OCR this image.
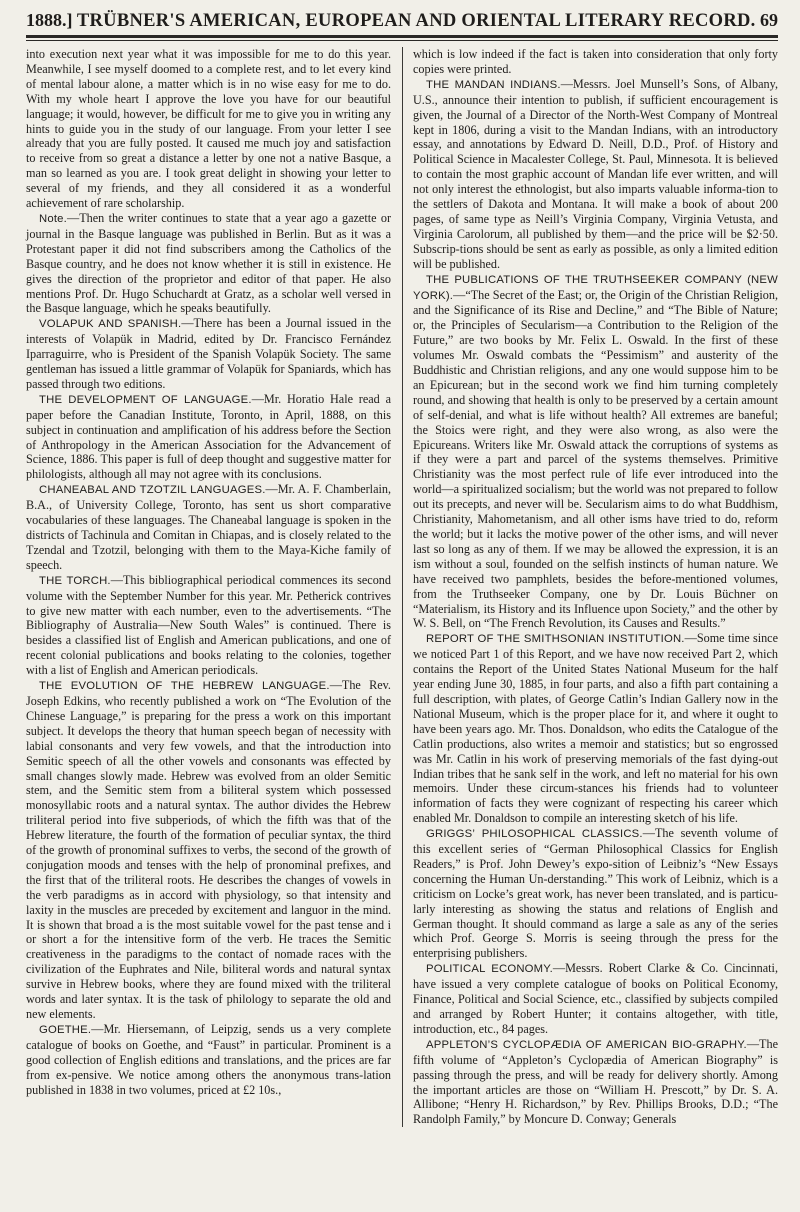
1888.] TRÜBNER'S AMERICAN, EUROPEAN AND ORIENTAL LITERARY RECORD. 69

into execution next year what it was impossible for me to do this year. Meanwhile, I see myself doomed to a complete rest, and to let every kind of mental labour alone, a matter which is in no wise easy for me to do. With my whole heart I approve the love you have for our beautiful language; it would, however, be difficult for me to give you in writing any hints to guide you in the study of our language. From your letter I see already that you are fully posted. It caused me much joy and satisfaction to receive from so great a distance a letter by one not a native Basque, a man so learned as you are. I took great delight in showing your letter to several of my friends, and they all considered it as a wonderful achievement of rare scholarship.

Note.—Then the writer continues to state that a year ago a gazette or journal in the Basque language was published in Berlin. But as it was a Protestant paper it did not find subscribers among the Catholics of the Basque country, and he does not know whether it is still in existence. He gives the direction of the proprietor and editor of that paper. He also mentions Prof. Dr. Hugo Schuchardt at Gratz, as a scholar well versed in the Basque language, which he speaks beautifully.

VOLAPUK AND SPANISH.—There has been a Journal issued in the interests of Volapük in Madrid, edited by Dr. Francisco Fernández Iparraguirre, who is President of the Spanish Volapük Society. The same gentleman has issued a little grammar of Volapük for Spaniards, which has passed through two editions.

THE DEVELOPMENT OF LANGUAGE.—Mr. Horatio Hale read a paper before the Canadian Institute, Toronto, in April, 1888, on this subject in continuation and amplification of his address before the Section of Anthropology in the American Association for the Advancement of Science, 1886. This paper is full of deep thought and suggestive matter for philologists, although all may not agree with its conclusions.

CHANEABAL AND TZOTZIL LANGUAGES.—Mr. A. F. Chamberlain, B.A., of University College, Toronto, has sent us short comparative vocabularies of these languages. The Chaneabal language is spoken in the districts of Tachinula and Comitan in Chiapas, and is closely related to the Tzendal and Tzotzil, belonging with them to the Maya-Kiche family of speech.

THE TORCH.—This bibliographical periodical commences its second volume with the September Number for this year. Mr. Petherick contrives to give new matter with each number, even to the advertisements. “The Bibliography of Australia—New South Wales” is continued. There is besides a classified list of English and American publications, and one of recent colonial publications and books relating to the colonies, together with a list of English and American periodicals.

THE EVOLUTION OF THE HEBREW LANGUAGE.—The Rev. Joseph Edkins, who recently published a work on “The Evolution of the Chinese Language,” is preparing for the press a work on this important subject. It develops the theory that human speech began of necessity with labial consonants and very few vowels, and that the introduction into Semitic speech of all the other vowels and consonants was effected by small changes slowly made. Hebrew was evolved from an older Semitic stem, and the Semitic stem from a biliteral system which possessed monosyllabic roots and a natural syntax. The author divides the Hebrew triliteral period into five subperiods, of which the fifth was that of the Hebrew literature, the fourth of the formation of peculiar syntax, the third of the growth of pronominal suffixes to verbs, the second of the growth of conjugation moods and tenses with the help of pronominal prefixes, and the first that of the triliteral roots. He describes the changes of vowels in the verb paradigms as in accord with physiology, so that intensity and laxity in the muscles are preceded by excitement and languor in the mind. It is shown that broad a is the most suitable vowel for the past tense and i or short a for the intensitive form of the verb. He traces the Semitic creativeness in the paradigms to the contact of nomade races with the civilization of the Euphrates and Nile, biliteral words and natural syntax survive in Hebrew books, where they are found mixed with the triliteral words and later syntax. It is the task of philology to separate the old and new elements.

GOETHE.—Mr. Hiersemann, of Leipzig, sends us a very complete catalogue of books on Goethe, and “Faust” in particular. Prominent is a good collection of English editions and translations, and the prices are far from ex-pensive. We notice among others the anonymous trans-lation published in 1838 in two volumes, priced at £2 10s.,

which is low indeed if the fact is taken into consideration that only forty copies were printed.

THE MANDAN INDIANS.—Messrs. Joel Munsell’s Sons, of Albany, U.S., announce their intention to publish, if sufficient encouragement is given, the Journal of a Director of the North-West Company of Montreal kept in 1806, during a visit to the Mandan Indians, with an introductory essay, and annotations by Edward D. Neill, D.D., Prof. of History and Political Science in Macalester College, St. Paul, Minnesota. It is believed to contain the most graphic account of Mandan life ever written, and will not only interest the ethnologist, but also imparts valuable informa-tion to the settlers of Dakota and Montana. It will make a book of about 200 pages, of same type as Neill’s Virginia Company, Virginia Vetusta, and Virginia Carolorum, all published by them—and the price will be $2·50. Subscrip-tions should be sent as early as possible, as only a limited edition will be published.

THE PUBLICATIONS OF THE TRUTHSEEKER COMPANY (NEW YORK).—“The Secret of the East; or, the Origin of the Christian Religion, and the Significance of its Rise and Decline,” and “The Bible of Nature; or, the Principles of Secularism—a Contribution to the Religion of the Future,” are two books by Mr. Felix L. Oswald. In the first of these volumes Mr. Oswald combats the “Pessimism” and austerity of the Buddhistic and Christian religions, and any one would suppose him to be an Epicurean; but in the second work we find him turning completely round, and showing that health is only to be preserved by a certain amount of self-denial, and what is life without health? All extremes are baneful; the Stoics were right, and they were also wrong, as also were the Epicureans. Writers like Mr. Oswald attack the corruptions of systems as if they were a part and parcel of the systems themselves. Primitive Christianity was the most perfect rule of life ever introduced into the world—a spiritualized socialism; but the world was not prepared to follow out its precepts, and never will be. Secularism aims to do what Buddhism, Christianity, Mahometanism, and all other isms have tried to do, reform the world; but it lacks the motive power of the other isms, and will never last so long as any of them. If we may be allowed the expression, it is an ism without a soul, founded on the selfish instincts of human nature. We have received two pamphlets, besides the before-mentioned volumes, from the Truthseeker Company, one by Dr. Louis Büchner on “Materialism, its History and its Influence upon Society,” and the other by W. S. Bell, on “The French Revolution, its Causes and Results.”

REPORT OF THE SMITHSONIAN INSTITUTION.—Some time since we noticed Part 1 of this Report, and we have now received Part 2, which contains the Report of the United States National Museum for the half year ending June 30, 1885, in four parts, and also a fifth part containing a full description, with plates, of George Catlin’s Indian Gallery now in the National Museum, which is the proper place for it, and where it ought to have been years ago. Mr. Thos. Donaldson, who edits the Catalogue of the Catlin productions, also writes a memoir and statistics; but so engrossed was Mr. Catlin in his work of preserving memorials of the fast dying-out Indian tribes that he sank self in the work, and left no material for his own memoirs. Under these circum-stances his friends had to volunteer information of facts they were cognizant of respecting his career which enabled Mr. Donaldson to compile an interesting sketch of his life.

GRIGGS’ PHILOSOPHICAL CLASSICS.—The seventh volume of this excellent series of “German Philosophical Classics for English Readers,” is Prof. John Dewey’s expo-sition of Leibniz’s “New Essays concerning the Human Un-derstanding.” This work of Leibniz, which is a criticism on Locke’s great work, has never been translated, and is particu-larly interesting as showing the status and relations of English and German thought. It should command as large a sale as any of the series which Prof. George S. Morris is seeing through the press for the enterprising publishers.

POLITICAL ECONOMY.—Messrs. Robert Clarke & Co. Cincinnati, have issued a very complete catalogue of books on Political Economy, Finance, Political and Social Science, etc., classified by subjects compiled and arranged by Robert Hunter; it contains altogether, with title, introduction, etc., 84 pages.

APPLETON’S CYCLOPÆDIA OF AMERICAN BIO-GRAPHY.—The fifth volume of “Appleton’s Cyclopædia of American Biography” is passing through the press, and will be ready for delivery shortly. Among the important articles are those on “William H. Prescott,” by Dr. S. A. Allibone; “Henry H. Richardson,” by Rev. Phillips Brooks, D.D.; “The Randolph Family,” by Moncure D. Conway; Generals
